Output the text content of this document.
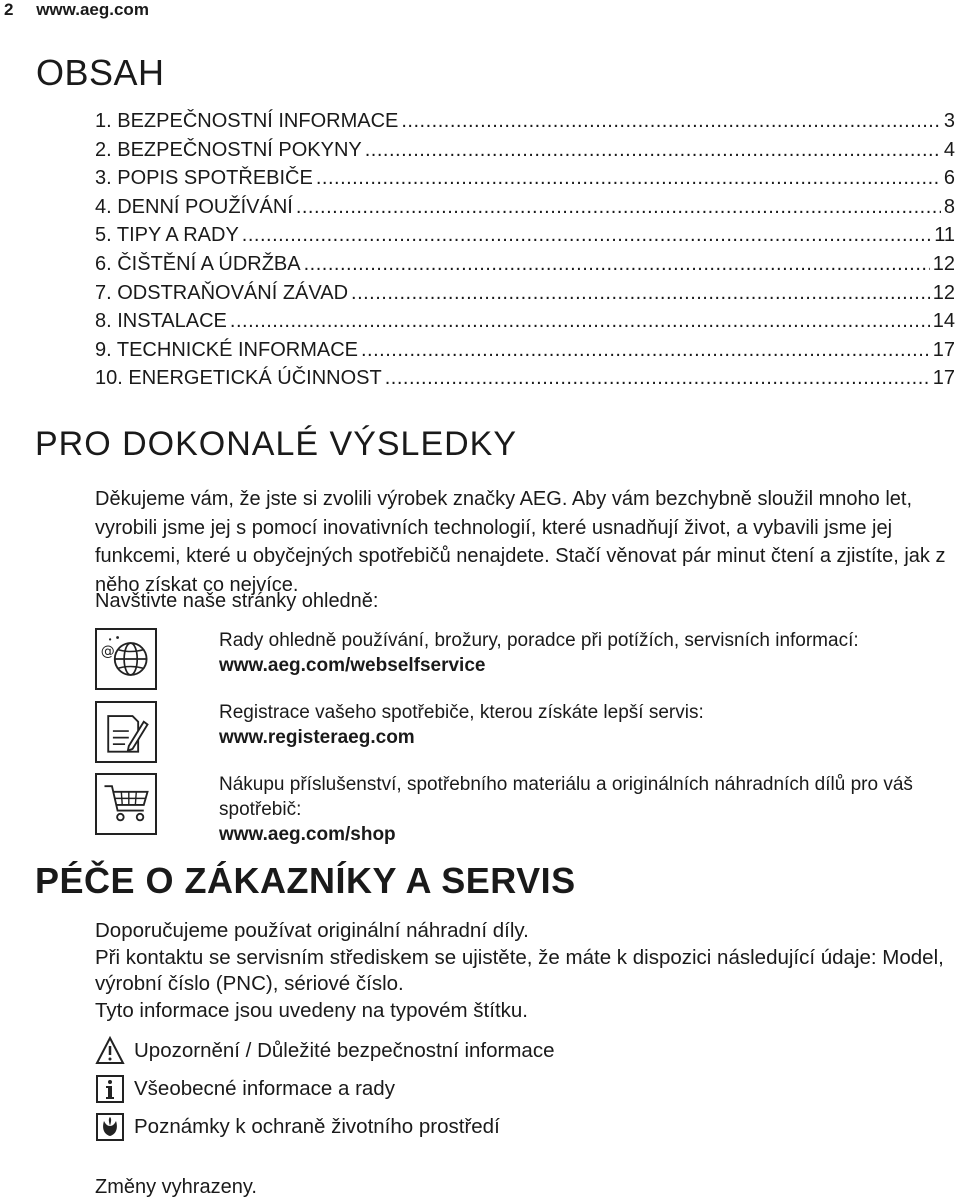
2 www.aeg.com
OBSAH
1. BEZPEČNOSTNÍ INFORMACE .....	3
2. BEZPEČNOSTNÍ POKYNY .....	4
3. POPIS SPOTŘEBIČE .....	6
4. DENNÍ POUŽÍVÁNÍ .....	8
5. TIPY A RADY .....	11
6. ČIŠTĚNÍ A ÚDRŽBA .....	12
7. ODSTRAŇOVÁNÍ ZÁVAD .....	12
8. INSTALACE .....	14
9. TECHNICKÉ INFORMACE .....	17
10. ENERGETICKÁ ÚČINNOST .....	17
PRO DOKONALÉ VÝSLEDKY

Děkujeme vám, že jste si zvolili výrobek značky AEG. Aby vám bezchybně sloužil mnoho let, vyrobili jsme jej s pomocí inovativních technologií, které usnadňují život, a vybavili jsme jej funkcemi, které u obyčejných spotřebičů nenajdete. Stačí věnovat pár minut čtení a zjistíte, jak z něho získat co nejvíce.

Navštivte naše stránky ohledně:

@
Rady ohledně používání, brožury, poradce při potížích, servisních informací:
www.aeg.com/webselfservice
Registrace vašeho spotřebiče, kterou získáte lepší servis:
www.registeraeg.com
Nákupu příslušenství, spotřebního materiálu a originálních náhradních dílů pro váš spotřebič:
www.aeg.com/shop
PÉČE O ZÁKAZNÍKY A SERVIS
Doporučujeme používat originální náhradní díly.
Při kontaktu se servisním střediskem se ujistěte, že máte k dispozici následující údaje: Model, výrobní číslo (PNC), sériové číslo.
Tyto informace jsou uvedeny na typovém štítku.
Upozornění / Důležité bezpečnostní informace
Všeobecné informace a rady
Poznámky k ochraně životního prostředí

Změny vyhrazeny.
